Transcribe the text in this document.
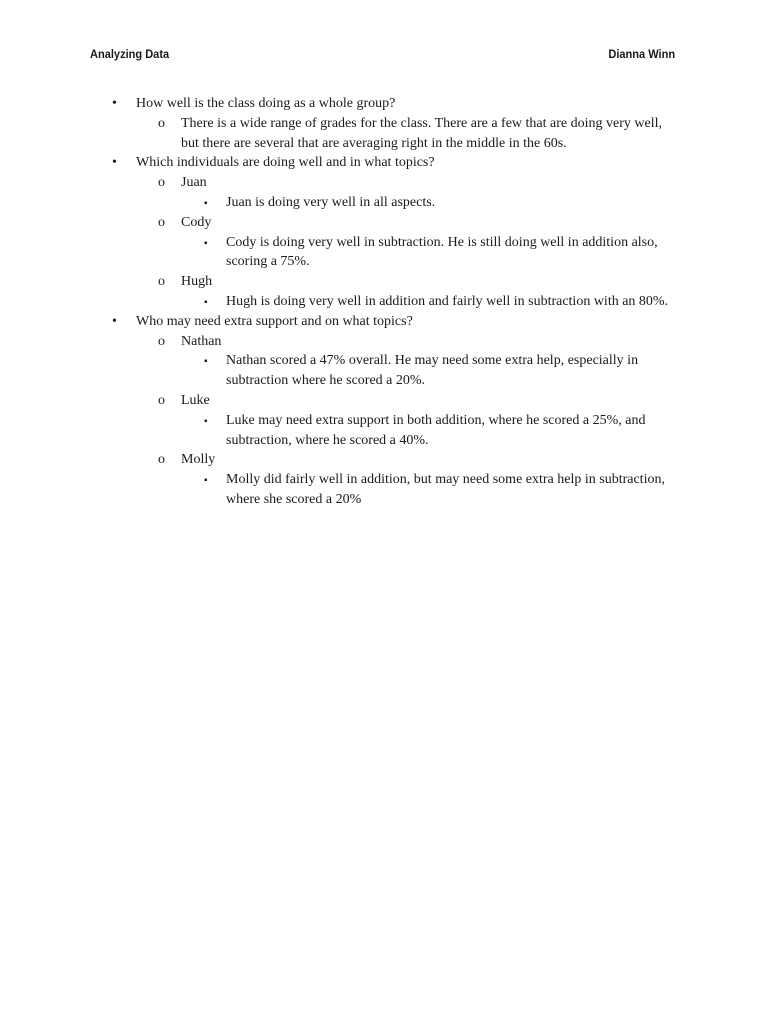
Analyzing Data	Dianna Winn
• How well is the class doing as a whole group?
o There is a wide range of grades for the class. There are a few that are doing very well, but there are several that are averaging right in the middle in the 60s.
• Which individuals are doing well and in what topics?
o Juan
▪ Juan is doing very well in all aspects.
o Cody
▪ Cody is doing very well in subtraction. He is still doing well in addition also, scoring a 75%.
o Hugh
▪ Hugh is doing very well in addition and fairly well in subtraction with an 80%.
• Who may need extra support and on what topics?
o Nathan
▪ Nathan scored a 47% overall. He may need some extra help, especially in subtraction where he scored a 20%.
o Luke
▪ Luke may need extra support in both addition, where he scored a 25%, and subtraction, where he scored a 40%.
o Molly
▪ Molly did fairly well in addition, but may need some extra help in subtraction, where she scored a 20%
